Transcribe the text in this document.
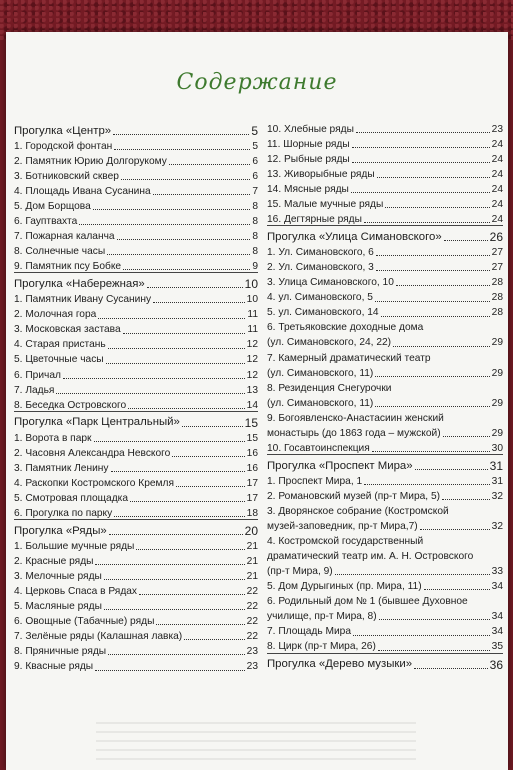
Содержание
Прогулка «Центр»	5
1. Городской фонтан	5
2. Памятник Юрию Долгорукому	6
3. Ботниковский сквер	6
4. Площадь Ивана Сусанина	7
5. Дом Борщова	8
6. Гауптвахта	8
7. Пожарная каланча	8
8. Солнечные часы	8
9. Памятник псу Бобке	9
Прогулка «Набережная»	10
1. Памятник Ивану Сусанину	10
2. Молочная гора	11
3. Московская застава	11
4. Старая пристань	12
5. Цветочные часы	12
6. Причал	12
7. Ладья	13
8. Беседка Островского	14
Прогулка «Парк Центральный»	15
1. Ворота в парк	15
2. Часовня Александра Невского	16
3. Памятник Ленину	16
4. Раскопки Костромского Кремля	17
5. Смотровая площадка	17
6. Прогулка по парку	18
Прогулка «Ряды»	20
1. Большие мучные ряды	21
2. Красные ряды	21
3. Мелочные ряды	21
4. Церковь Спаса в Рядах	22
5. Масляные ряды	22
6. Овощные (Табачные) ряды	22
7. Зелёные ряды (Калашная лавка)	22
8. Пряничные ряды	23
9. Квасные ряды	23
10. Хлебные ряды	23
11. Шорные ряды	24
12. Рыбные ряды	24
13. Живорыбные ряды	24
14. Мясные ряды	24
15. Малые мучные ряды	24
16. Дегтярные ряды	24
Прогулка «Улица Симановского»	26
1. Ул. Симановского, 6	27
2. Ул. Симановского, 3	27
3. Улица Симановского, 10	28
4. ул. Симановского, 5	28
5. ул. Симановского, 14	28
6. Третьяковские доходные дома
(ул. Симановского, 24, 22)	29
7. Камерный драматический театр
(ул. Симановского, 11)	29
8. Резиденция Снегурочки
(ул. Симановского, 11)	29
9. Богоявленско-Анастасиин женский
монастырь (до 1863 года – мужской)	29
10. Госавтоинспекция	30
Прогулка «Проспект Мира»	31
1. Проспект Мира, 1	31
2. Романовский музей (пр-т Мира, 5)	32
3. Дворянское собрание (Костромской
музей-заповедник, пр-т Мира,7)	32
4. Костромской государственный
драматический театр им. А. Н. Островского
(пр-т Мира, 9)	33
5. Дом Дурыгиных (пр. Мира, 11)	34
6. Родильный дом № 1 (бывшее Духовное
училище, пр-т Мира, 8)	34
7. Площадь Мира	34
8. Цирк (пр-т Мира, 26)	35
Прогулка «Дерево музыки»	36
